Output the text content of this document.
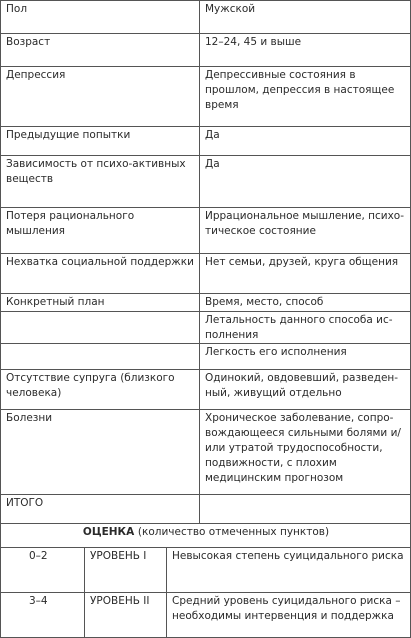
Пол			Мужской
Возраст			12–24, 45 и выше
Депрессия			Депрессивные состояния в прошлом, депрессия в настоящее время
Предыдущие попытки			Да
Зависимость от психо-активных веществ			Да
Потеря рационального мышления			Иррациональное мышление, психо-тическое состояние
Нехватка социальной поддержки			Нет семьи, друзей, круга общения
Конкретный план			Время, место, способ
			Летальность данного способа ис-полнения
			Легкость его исполнения
Отсутствие супруга (близкого человека)			Одинокий, овдовевший, разведен-ный, живущий отдельно
Болезни			Хроническое заболевание, сопро-вождающееся сильными болями и/или утратой трудоспособности, подвижности, с плохим медицинским прогнозом
ИТОГО			
ОЦЕНКА (количество отмеченных пунктов)			
0–2	УРОВЕНЬ I	Невысокая степень суицидального риска	
3–4	УРОВЕНЬ II	Средний уровень суицидального риска – необходимы интервенция и поддержка	
